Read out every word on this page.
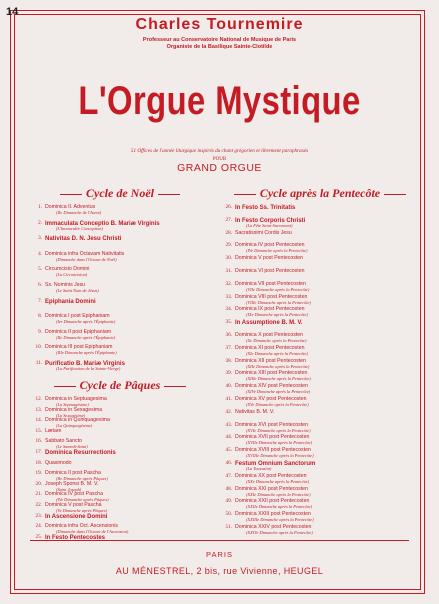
14
Charles Tournemire
Professeur au Conservatoire National de Musique de Paris
Organiste de la Basilique Sainte-Clotilde
L'Orgue Mystique
51 Offices de l'année liturgique inspirés du chant grégorien et librement paraphrasés
POUR
GRAND ORGUE
Cycle de Noël
1. Dominica II. Adventus
(IIe Dimanche de l'Avent)
2. Immaculata Conceptio B. Mariæ Virginis
(L'Immaculée Conception)
3. Nativitas D. N. Jesu Christi
4. Dominica infra Octavam Nativitatis
(Dimanche dans l'Octave de Noël)
5. Circumcisio Domini
(La Circoncision)
6. Ss. Nominis Jesu
(Le Saint Nom de Jésus)
7. Epiphania Domini
8. Dominica I post Epiphaniam
(Ier Dimanche après l'Épiphanie)
9. Dominica II post Epiphaniam
(IIe Dimanche après l'Épiphanie)
10. Dominica III post Epiphaniam
(IIIe Dimanche après l'Épiphanie)
11. Purificatio B. Mariæ Virginis
(La Purification de la Sainte-Vierge)
Cycle de Pâques
12. Dominica in Septuagesima
(La Septuagésime)
13. Dominica in Sexagesima
(La Sexagésime)
14. Dominica in Quinquagesima
(La Quinquagésime)
15. Lætare
16. Sabbato Sancto
(Le Samedi-Saint)
17. Dominica Resurrectionis
18. Quasimodo
19. Dominica II post Pascha
(IIe Dimanche après Pâques)
20. Joseph Sponsi B. M. V.
(Saint Joseph)
21. Dominica IV post Pascha
(IVe Dimanche après Pâques)
22. Dominica V post Pascha
(Ve Dimanche après Pâques)
23. In Ascensione Domini
24. Dominica infra Oct. Ascensionis
(Dimanche dans l'Octave de l'Ascension)
25. In Festo Pentecostes
Cycle après la Pentecôte
26. In Festo Ss. Trinitatis
27. In Festo Corporis Christi
(La Fête Saint-Sacrement)
28. Sacratissimi Cordis Jesu
29. Dominica IV post Pentecosten
(IVe Dimanche après la Pentecôte)
30. Dominica V post Pentecosten
31. Dominica VI post Pentecosten
32. Dominica VII post Pentecosten
(VIIe Dimanche après la Pentecôte)
33. Dominica VIII post Pentecosten
(VIIIe Dimanche après la Pentecôte)
34. Dominica IX post Pentecosten
(IXe Dimanche après la Pentecôte)
35. In Assumptione B. M. V.
36. Dominica X post Pentecosten
(Xe Dimanche après la Pentecôte)
37. Dominica XI post Pentecosten
(XIe Dimanche après la Pentecôte)
38. Dominica XII post Pentecosten
(XIIe Dimanche après la Pentecôte)
39. Dominica XIII post Pentecosten
(XIIIe Dimanche après la Pentecôte)
40. Dominica XIV post Pentecosten
(XIVe Dimanche après la Pentecôte)
41. Dominica XV post Pentecosten
(XVe Dimanche après la Pentecôte)
42. Nativitas B. M. V.
43. Dominica XVI post Pentecosten
(XVIe Dimanche après la Pentecôte)
44. Dominica XVII post Pentecosten
(XVIIe Dimanche après la Pentecôte)
45. Dominica XVIII post Pentecosten
(XVIIIe Dimanche après la Pentecôte)
46. Festum Omnium Sanctorum
(La Toussaint)
47. Dominica XX post Pentecosten
(XXe Dimanche après la Pentecôte)
48. Dominica XXI post Pentecosten
(XXIe Dimanche après la Pentecôte)
49. Dominica XXII post Pentecosten
(XXIIe Dimanche après la Pentecôte)
50. Dominica XXIII post Pentecosten
(XXIIIe Dimanche après la Pentecôte)
51. Dominica XXIV post Pentecosten
(XXIVe Dimanche après la Pentecôte)
PARIS
AU MÉNESTREL, 2 bis, rue Vivienne, HEUGEL
